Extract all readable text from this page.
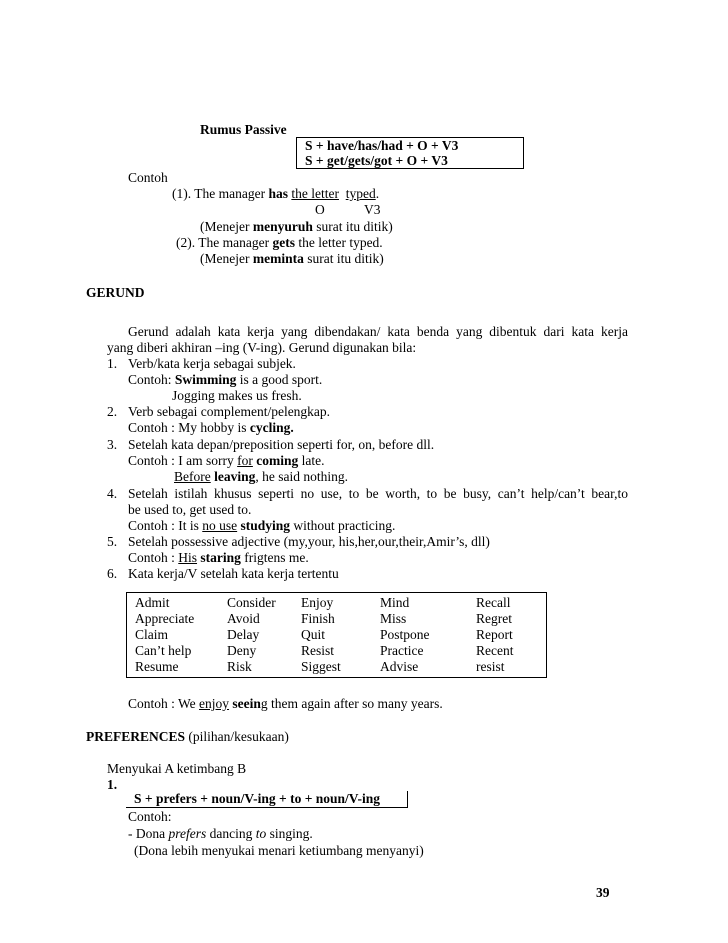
Rumus Passive
S + have/has/had + O + V3
S + get/gets/got + O + V3
Contoh
(1). The manager has the letter typed.
O	V3
(Menejer menyuruh surat itu ditik)
(2). The manager gets the letter typed.
(Menejer meminta surat itu ditik)
GERUND
Gerund adalah kata kerja yang dibendakan/ kata benda yang dibentuk dari kata kerja
yang diberi akhiran –ing (V-ing). Gerund digunakan bila:
1. Verb/kata kerja sebagai subjek.
Contoh: Swimming is a good sport.
Jogging makes us fresh.
2. Verb sebagai complement/pelengkap.
Contoh : My hobby is cycling.
3. Setelah kata depan/preposition seperti for, on, before dll.
Contoh : I am sorry for coming late.
Before leaving, he said nothing.
4. Setelah istilah khusus seperti no use, to be worth, to be busy, can’t help/can’t bear,to
be used to, get used to.
Contoh : It is no use studying without practicing.
5. Setelah possessive adjective (my,your, his,her,our,their,Amir’s, dll)
Contoh : His staring frigtens me.
6. Kata kerja/V setelah kata kerja tertentu
Admit	Consider Enjoy	Mind	Recall
Appreciate Avoid	Finish	Miss	Regret
Claim	Delay	Quit	Postpone	Report
Can’t help	Deny	Resist	Practice	Recent
Resume	Risk	Siggest	Advise	resist
Contoh : We enjoy seeing them again after so many years.
PREFERENCES (pilihan/kesukaan)
Menyukai A ketimbang B
1.
S + prefers + noun/V-ing + to + noun/V-ing
Contoh:
- Dona prefers dancing to singing.
(Dona lebih menyukai menari ketiumbang menyanyi)
39
